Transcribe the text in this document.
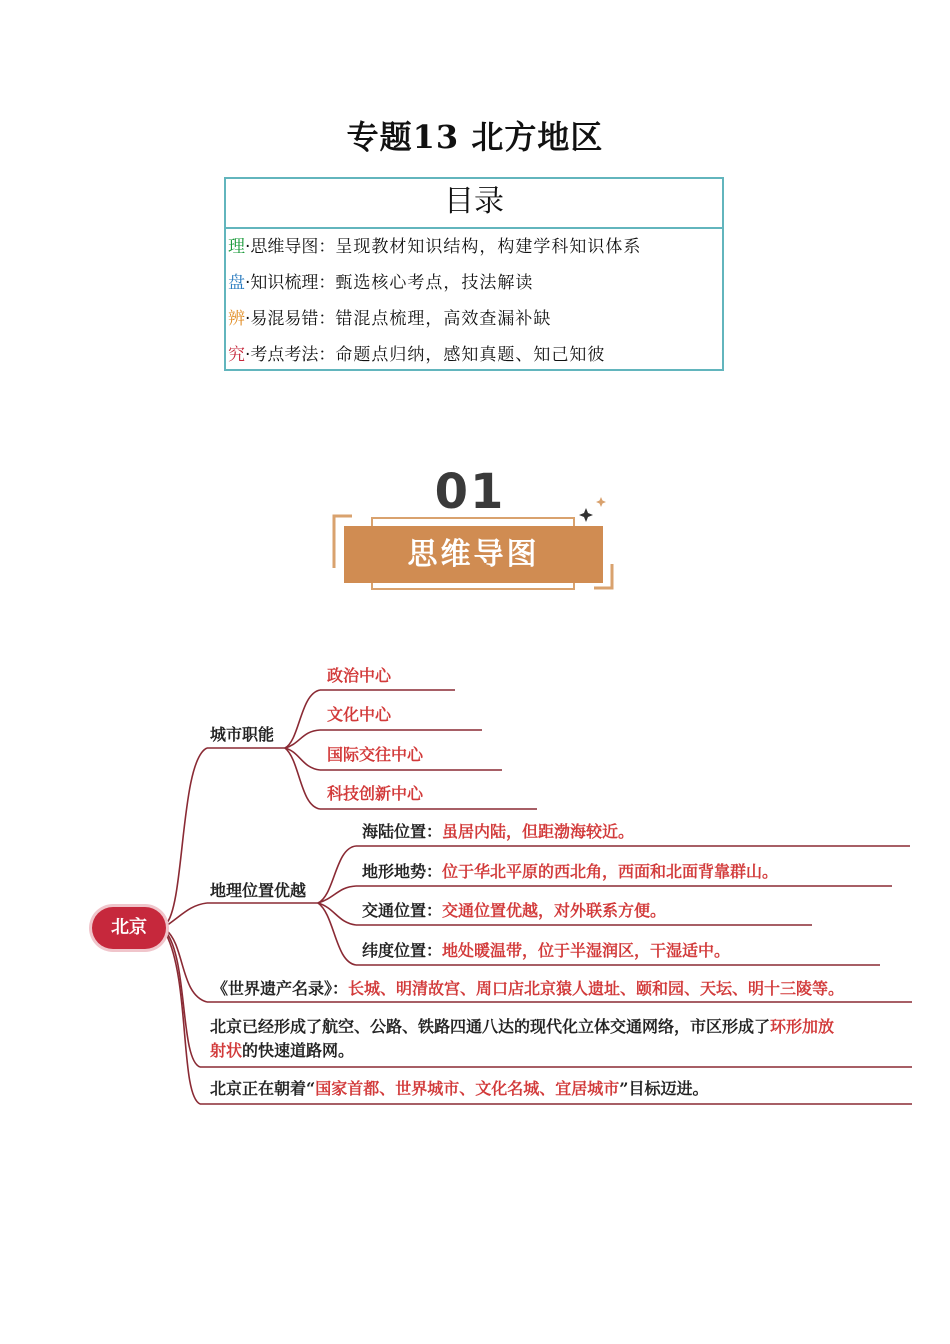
专题13 北方地区
目录
理·思维导图：呈现教材知识结构，构建学科知识体系
盘·知识梳理：甄选核心考点，技法解读
辨·易混易错：错混点梳理，高效查漏补缺
究·考点考法：命题点归纳，感知真题、知己知彼
01
思维导图
北京
城市职能
政治中心
文化中心
国际交往中心
科技创新中心
地理位置优越
海陆位置：虽居内陆，但距渤海较近。
地形地势：位于华北平原的西北角，西面和北面背靠群山。
交通位置：交通位置优越，对外联系方便。
纬度位置：地处暖温带，位于半湿润区，干湿适中。
《世界遗产名录》：长城、明清故宫、周口店北京猿人遗址、颐和园、天坛、明十三陵等。
北京已经形成了航空、公路、铁路四通八达的现代化立体交通网络，市区形成了环形加放
射状的快速道路网。
北京正在朝着“国家首都、世界城市、文化名城、宜居城市”目标迈进。
